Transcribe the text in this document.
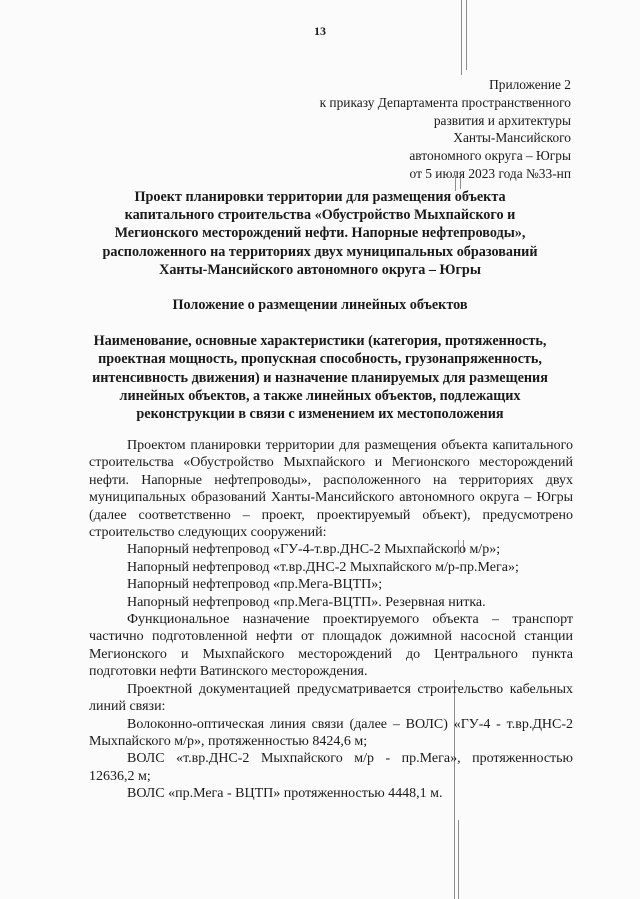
13
Приложение 2
к приказу Департамента пространственного
развития и архитектуры
Ханты-Мансийского
автономного округа – Югры
от 5 июля 2023 года №33-нп
Проект планировки территории для размещения объекта
капитального строительства «Обустройство Мыхпайского и
Мегионского месторождений нефти. Напорные нефтепроводы»,
расположенного на территориях двух муниципальных образований
Ханты-Мансийского автономного округа – Югры
Положение о размещении линейных объектов
Наименование, основные характеристики (категория, протяженность,
проектная мощность, пропускная способность, грузонапряженность,
интенсивность движения) и назначение планируемых для размещения
линейных объектов, а также линейных объектов, подлежащих
реконструкции в связи с изменением их местоположения

Проектом планировки территории для размещения объекта капитального строительства «Обустройство Мыхпайского и Мегионского месторождений нефти. Напорные нефтепроводы», расположенного на территориях двух муниципальных образований Ханты-Мансийского автономного округа – Югры (далее соответственно – проект, проектируемый объект), предусмотрено строительство следующих сооружений:

Напорный нефтепровод «ГУ-4-т.вр.ДНС-2 Мыхпайского м/р»;

Напорный нефтепровод «т.вр.ДНС-2 Мыхпайского м/р-пр.Мега»;

Напорный нефтепровод «пр.Мега-ВЦТП»;

Напорный нефтепровод «пр.Мега-ВЦТП». Резервная нитка.

Функциональное назначение проектируемого объекта – транспорт частично подготовленной нефти от площадок дожимной насосной станции Мегионского и Мыхпайского месторождений до Центрального пункта подготовки нефти Ватинского месторождения.

Проектной документацией предусматривается строительство кабельных линий связи:

Волоконно-оптическая линия связи (далее – ВОЛС) «ГУ-4 - т.вр.ДНС-2 Мыхпайского м/р», протяженностью 8424,6 м;

ВОЛС «т.вр.ДНС-2 Мыхпайского м/р - пр.Мега», протяженностью 12636,2 м;

ВОЛС «пр.Мега - ВЦТП» протяженностью 4448,1 м.
